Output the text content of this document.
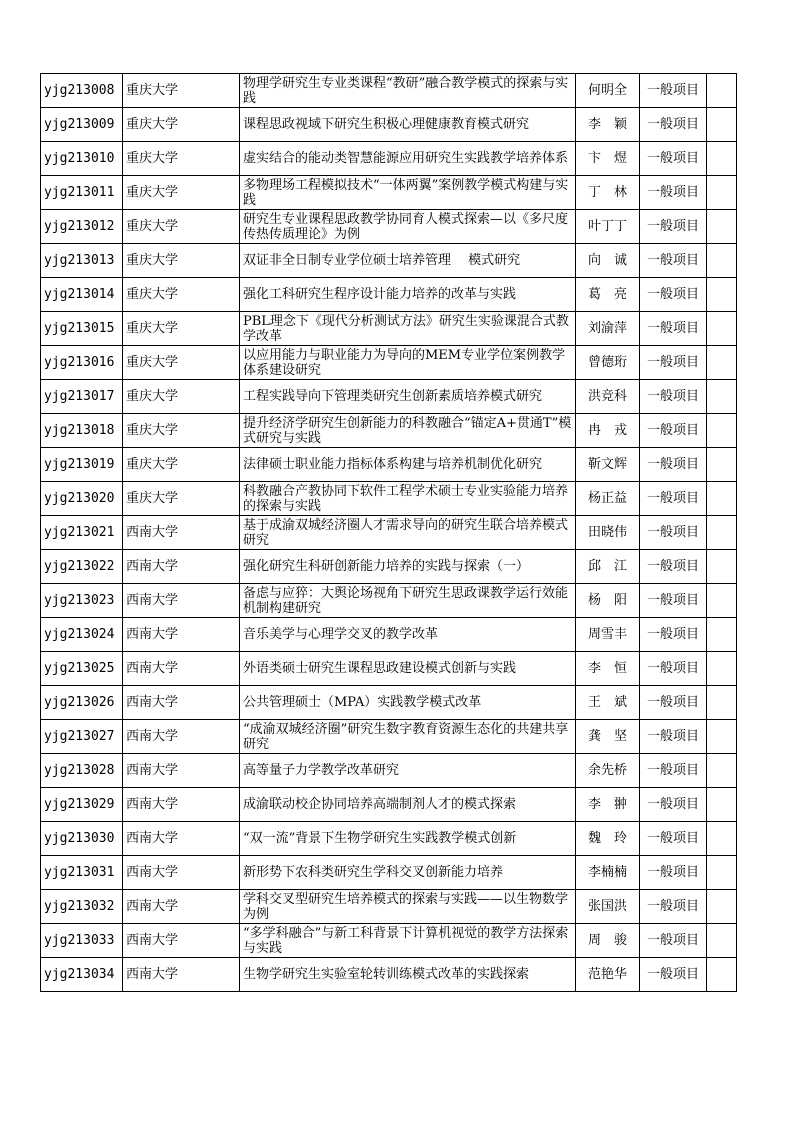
yjg213008	重庆大学	物理学研究生专业类课程“教研”融合教学模式的探索与实践	何明全	一般项目	
yjg213009	重庆大学	课程思政视域下研究生积极心理健康教育模式研究	李　颖	一般项目	
yjg213010	重庆大学	虚实结合的能动类智慧能源应用研究生实践教学培养体系	卞　煜	一般项目	
yjg213011	重庆大学	多物理场工程模拟技术“一体两翼”案例教学模式构建与实践	丁　林	一般项目	
yjg213012	重庆大学	研究生专业课程思政教学协同育人模式探索—以《多尺度传热传质理论》为例	叶丁丁	一般项目	
yjg213013	重庆大学	双证非全日制专业学位硕士培养管理　 模式研究	向　诚	一般项目	
yjg213014	重庆大学	强化工科研究生程序设计能力培养的改革与实践	葛　亮	一般项目	
yjg213015	重庆大学	PBL理念下《现代分析测试方法》研究生实验课混合式教学改革	刘渝萍	一般项目	
yjg213016	重庆大学	以应用能力与职业能力为导向的MEM专业学位案例教学体系建设研究	曾德珩	一般项目	
yjg213017	重庆大学	工程实践导向下管理类研究生创新素质培养模式研究	洪竞科	一般项目	
yjg213018	重庆大学	提升经济学研究生创新能力的科教融合“锚定A+贯通T”模式研究与实践	冉　戎	一般项目	
yjg213019	重庆大学	法律硕士职业能力指标体系构建与培养机制优化研究	靳文辉	一般项目	
yjg213020	重庆大学	科教融合产教协同下软件工程学术硕士专业实验能力培养的探索与实践	杨正益	一般项目	
yjg213021	西南大学	基于成渝双城经济圈人才需求导向的研究生联合培养模式研究	田晓伟	一般项目	
yjg213022	西南大学	强化研究生科研创新能力培养的实践与探索（一）	邱　江	一般项目	
yjg213023	西南大学	备虑与应猝：大舆论场视角下研究生思政课教学运行效能机制构建研究	杨　阳	一般项目	
yjg213024	西南大学	音乐美学与心理学交叉的教学改革	周雪丰	一般项目	
yjg213025	西南大学	外语类硕士研究生课程思政建设模式创新与实践	李　恒	一般项目	
yjg213026	西南大学	公共管理硕士（MPA）实践教学模式改革	王　斌	一般项目	
yjg213027	西南大学	“成渝双城经济圈”研究生数字教育资源生态化的共建共享研究	龚　坚	一般项目	
yjg213028	西南大学	高等量子力学教学改革研究	余先桥	一般项目	
yjg213029	西南大学	成渝联动校企协同培养高端制剂人才的模式探索	李　翀	一般项目	
yjg213030	西南大学	“双一流”背景下生物学研究生实践教学模式创新	魏　玲	一般项目	
yjg213031	西南大学	新形势下农科类研究生学科交叉创新能力培养	李楠楠	一般项目	
yjg213032	西南大学	学科交叉型研究生培养模式的探索与实践——以生物数学为例	张国洪	一般项目	
yjg213033	西南大学	“多学科融合”与新工科背景下计算机视觉的教学方法探索与实践	周　骏	一般项目	
yjg213034	西南大学	生物学研究生实验室轮转训练模式改革的实践探索	范艳华	一般项目	
